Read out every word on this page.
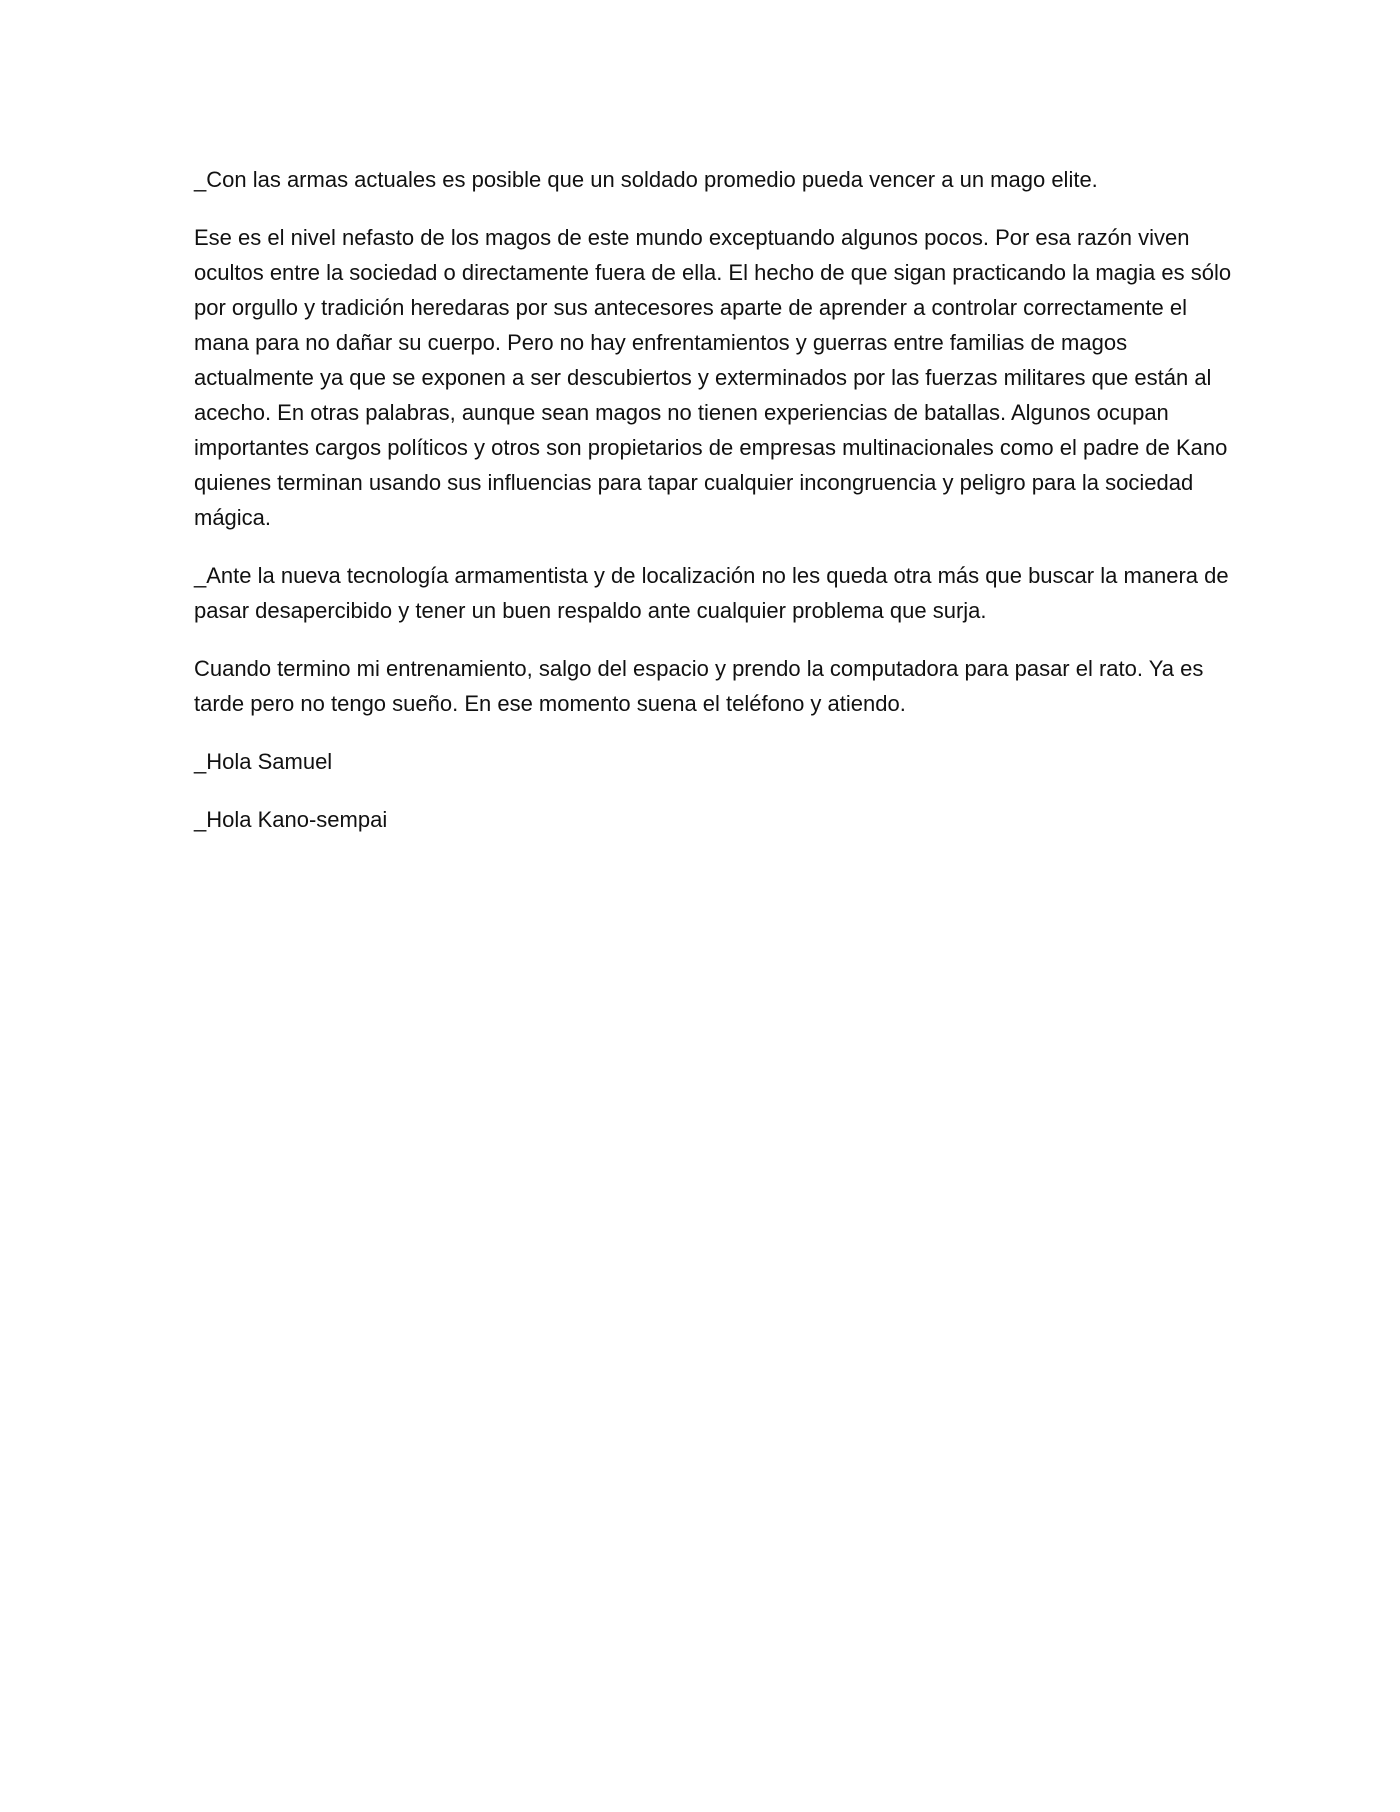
_Con las armas actuales es posible que un soldado promedio pueda vencer a un mago elite.

Ese es el nivel nefasto de los magos de este mundo exceptuando algunos pocos. Por esa razón viven ocultos entre la sociedad o directamente fuera de ella. El hecho de que sigan practicando la magia es sólo por orgullo y tradición heredaras por sus antecesores aparte de aprender a controlar correctamente el mana para no dañar su cuerpo. Pero no hay enfrentamientos y guerras entre familias de magos actualmente ya que se exponen a ser descubiertos y exterminados por las fuerzas militares que están al acecho. En otras palabras, aunque sean magos no tienen experiencias de batallas. Algunos ocupan importantes cargos políticos y otros son propietarios de empresas multinacionales como el padre de Kano quienes terminan usando sus influencias para tapar cualquier incongruencia y peligro para la sociedad mágica.

_Ante la nueva tecnología armamentista y de localización no les queda otra más que buscar la manera de pasar desapercibido y tener un buen respaldo ante cualquier problema que surja.

Cuando termino mi entrenamiento, salgo del espacio y prendo la computadora para pasar el rato. Ya es tarde pero no tengo sueño. En ese momento suena el teléfono y atiendo.

_Hola Samuel

_Hola Kano-sempai
